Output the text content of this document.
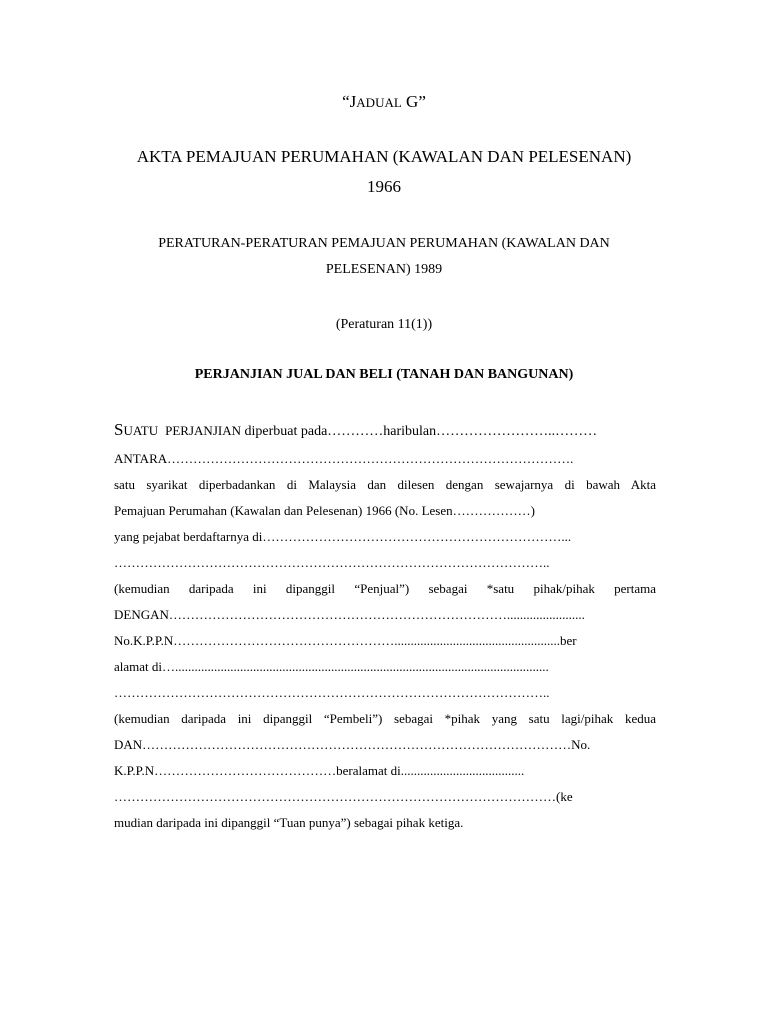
“JADUAL G”
AKTA PEMAJUAN PERUMAHAN (KAWALAN DAN PELESENAN)
1966
PERATURAN-PERATURAN PEMAJUAN PERUMAHAN (KAWALAN DAN
PELESENAN) 1989
(Peraturan 11(1))
PERJANJIAN JUAL DAN BELI (TANAH DAN BANGUNAN)
SUATU PERJANJIAN diperbuat pada…………haribulan……………………..………
ANTARA………………………………………………………………………………….
satu syarikat diperbadankan di Malaysia dan dilesen dengan sewajarnya di bawah Akta
Pemajuan Perumahan (Kawalan dan Pelesenan) 1966 (No. Lesen………………)
yang pejabat berdaftarnya di……………………………………………………………...
………………………………………………………………………………………..
(kemudian daripada ini dipanggil “Penjual”) sebagai *satu pihak/pihak pertama
DENGAN……………………………………………………………………........................
No.K.P.P.N……………………………………………...................................................ber
alamat di…...................................................................................................................
………………………………………………………………………………………..
(kemudian daripada ini dipanggil “Pembeli”) sebagai *pihak yang satu lagi/pihak kedua
DAN………………………………………………………………………………………No.
K.P.P.N……………………………………beralamat di......................................
…………………………………………………………………………………………(ke
mudian daripada ini dipanggil “Tuan punya”) sebagai pihak ketiga.
